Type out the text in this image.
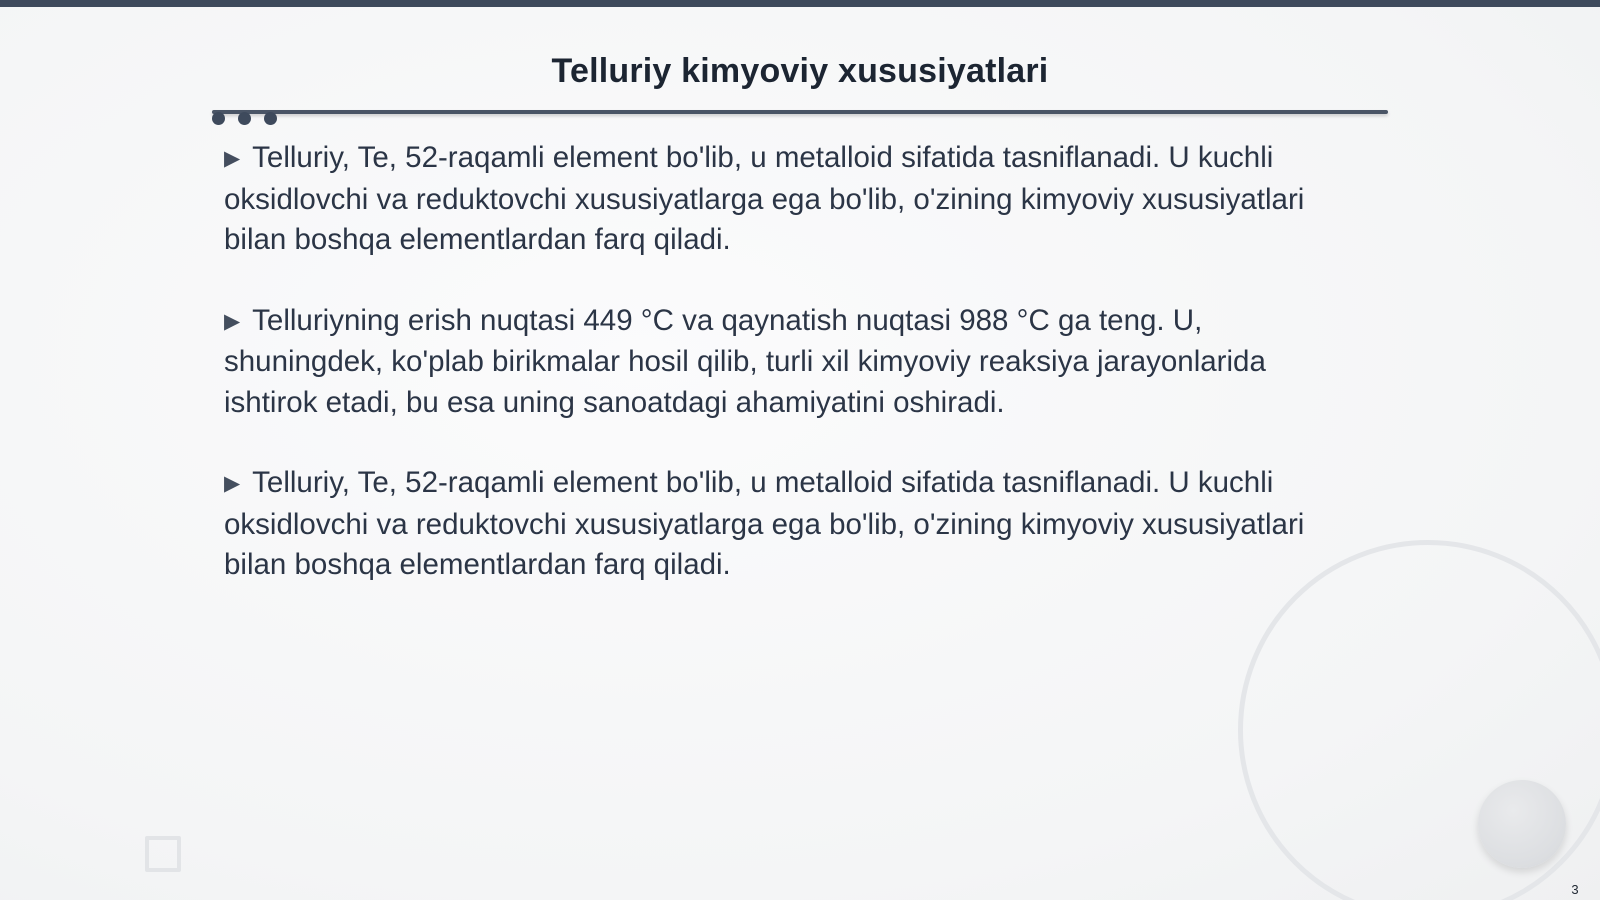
Telluriy kimyoviy xususiyatlari

▶ Telluriy, Te, 52-raqamli element bo'lib, u metalloid sifatida tasniflanadi. U kuchli oksidlovchi va reduktovchi xususiyatlarga ega bo'lib, o'zining kimyoviy xususiyatlari bilan boshqa elementlardan farq qiladi.

▶ Telluriyning erish nuqtasi 449 °C va qaynatish nuqtasi 988 °C ga teng. U, shuningdek, ko'plab birikmalar hosil qilib, turli xil kimyoviy reaksiya jarayonlarida ishtirok etadi, bu esa uning sanoatdagi ahamiyatini oshiradi.

▶ Telluriy, Te, 52-raqamli element bo'lib, u metalloid sifatida tasniflanadi. U kuchli oksidlovchi va reduktovchi xususiyatlarga ega bo'lib, o'zining kimyoviy xususiyatlari bilan boshqa elementlardan farq qiladi.

3
